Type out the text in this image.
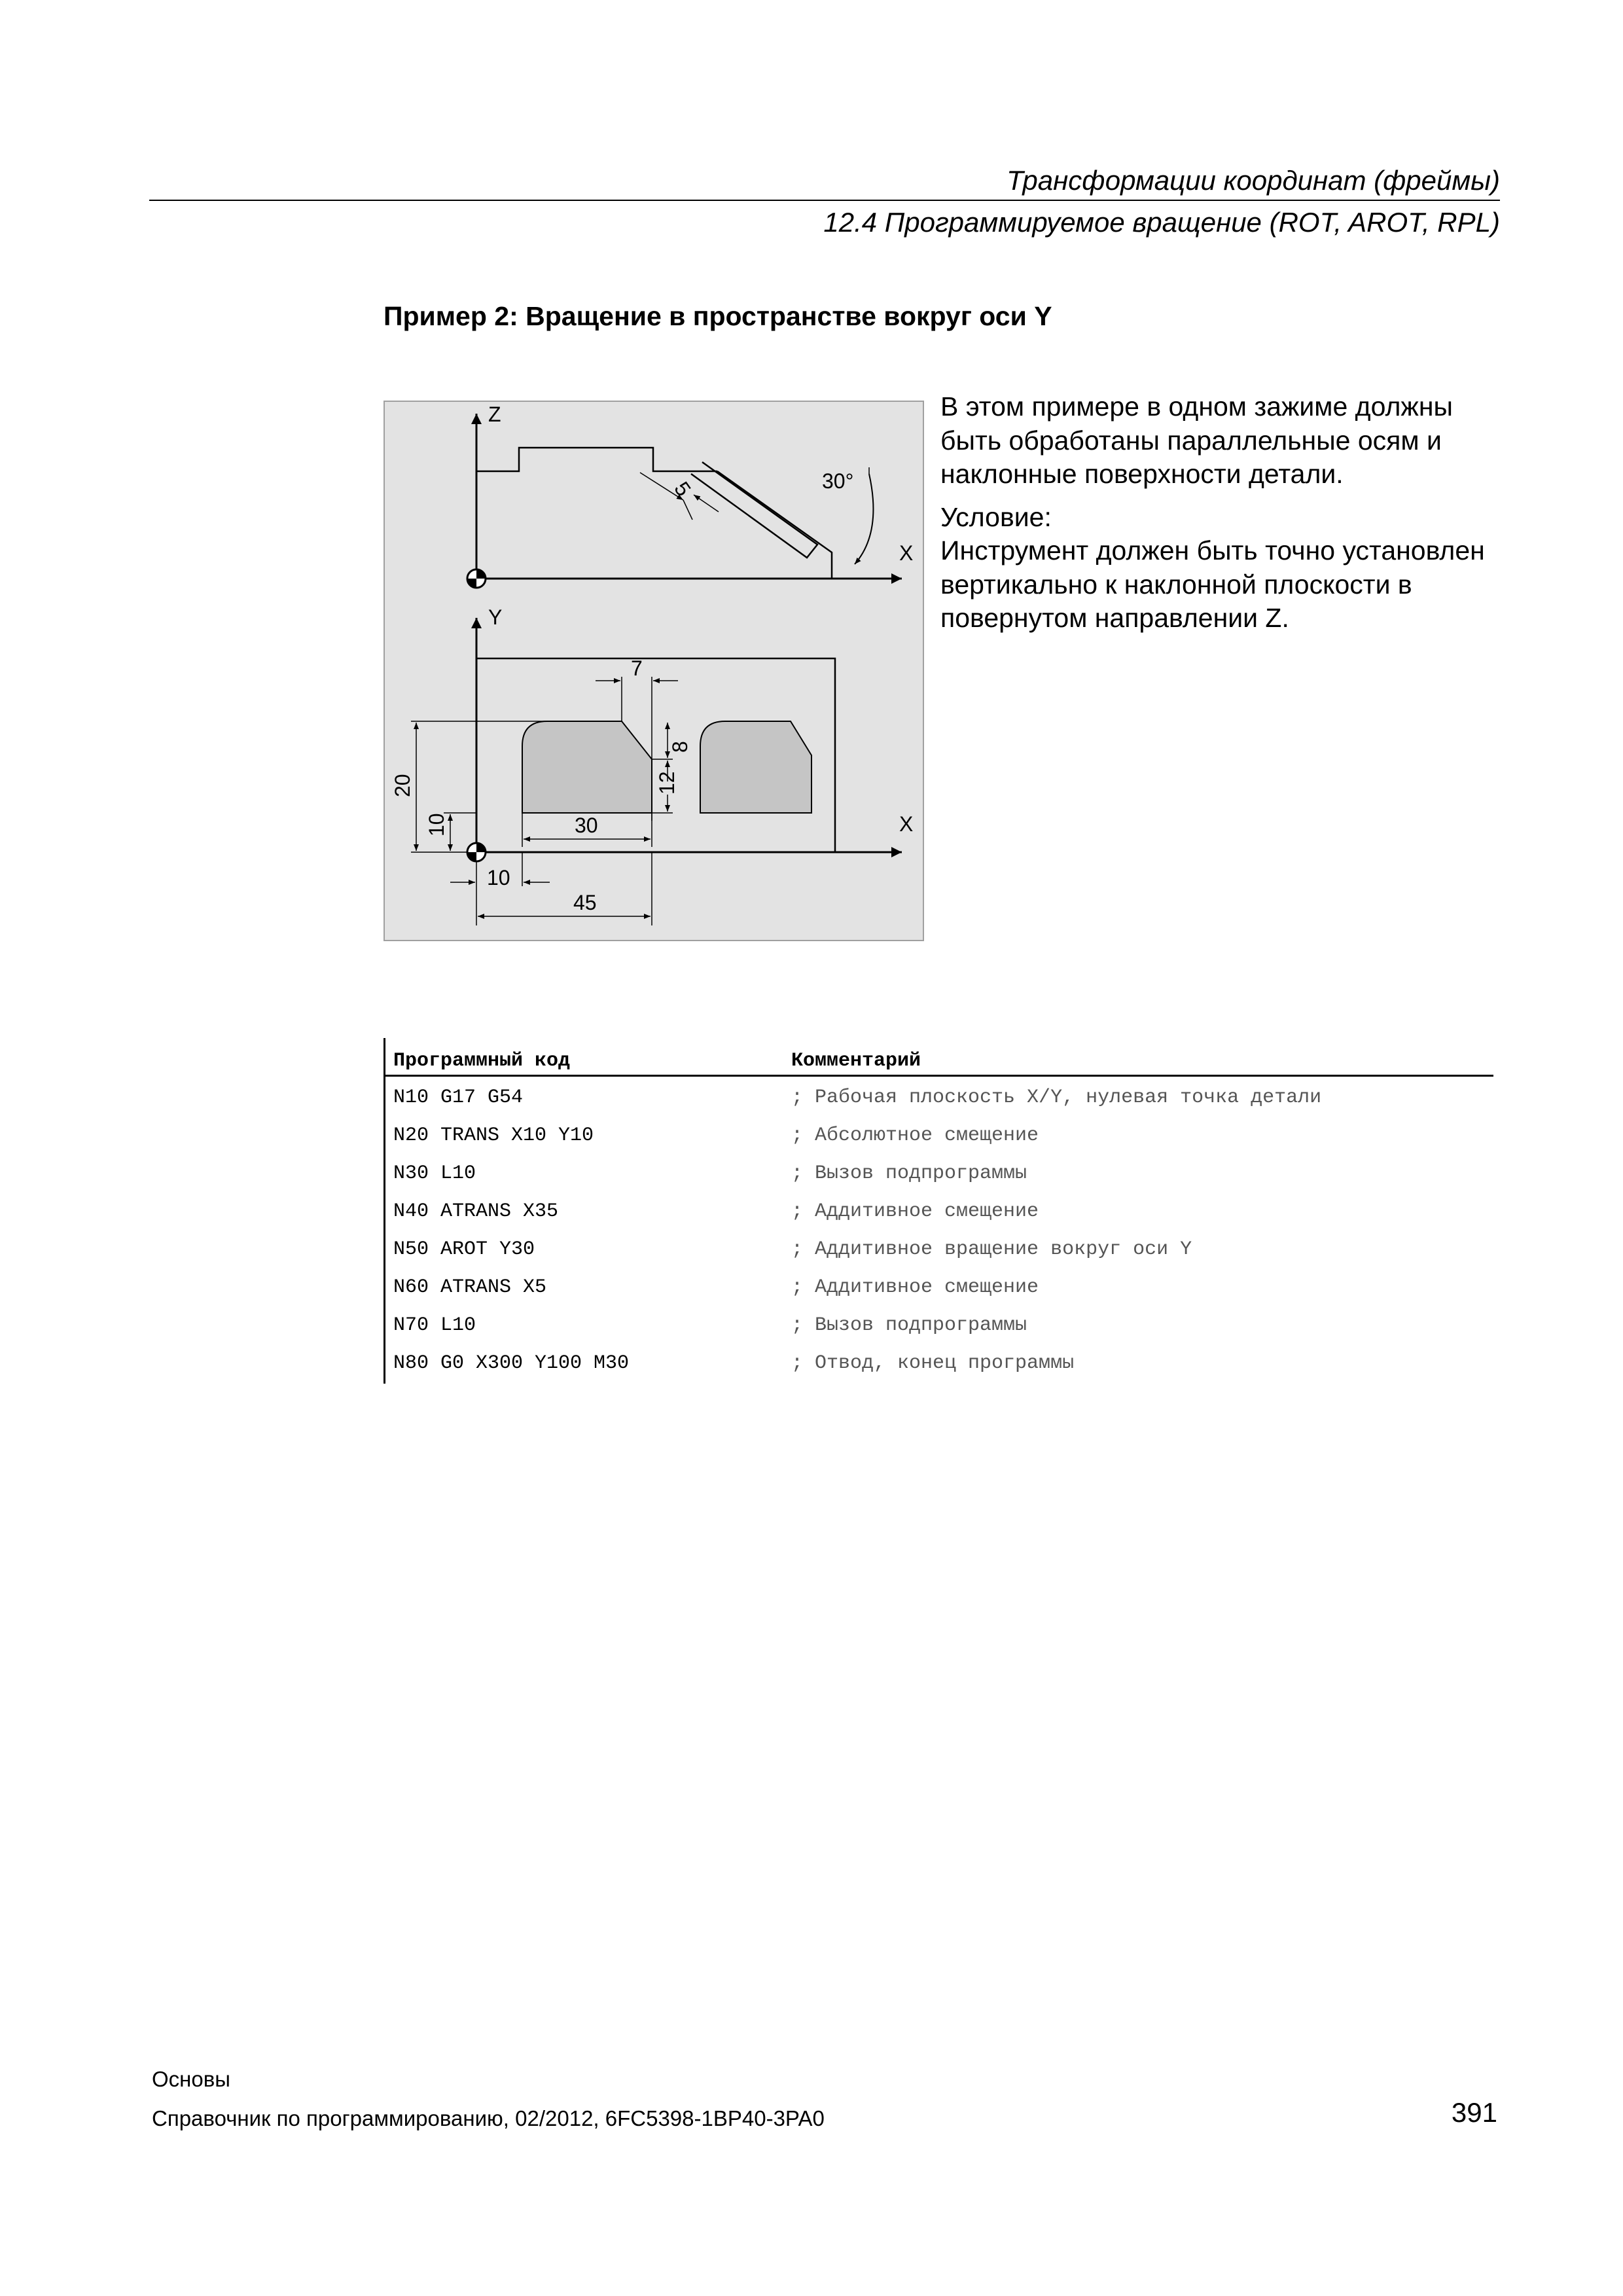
Трансформации координат (фреймы)
12.4 Программируемое вращение (ROT, AROT, RPL)
Пример 2: Вращение в пространстве вокруг оси Y
Z
X
30°
5
Y
X
7
8
12
20
10	30
10
45

В этом примере в одном зажиме должны быть обработаны параллельные осям и наклонные поверхности детали.

Условие:
Инструмент должен быть точно установлен вертикально к наклонной плоскости в повернутом направлении Z.
Программный код	Комментарий
N10 G17 G54	; Рабочая плоскость X/Y, нулевая точка детали
N20 TRANS X10 Y10	; Абсолютное смещение
N30 L10	; Вызов подпрограммы
N40 ATRANS X35	; Аддитивное смещение
N50 AROT Y30	; Аддитивное вращение вокруг оси Y
N60 ATRANS X5	; Аддитивное смещение
N70 L10	; Вызов подпрограммы
N80 G0 X300 Y100 M30	; Отвод, конец программы
Основы
Справочник по программированию, 02/2012, 6FC5398-1BP40-3PA0	391
